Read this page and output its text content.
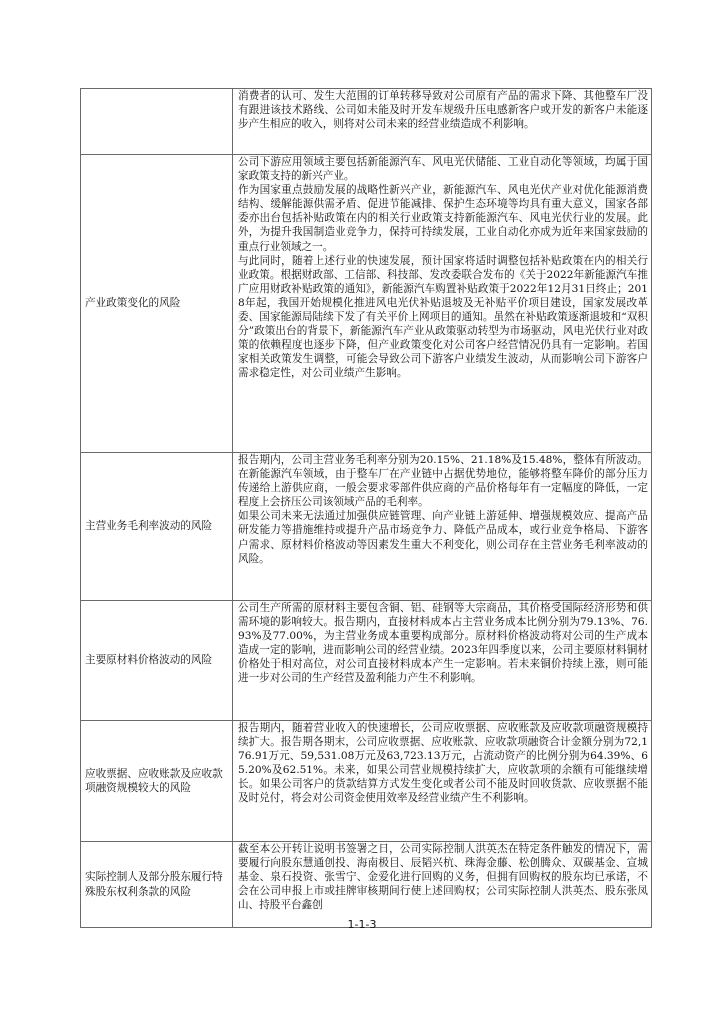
	消费者的认可、发生大范围的订单转移导致对公司原有产品的需求下降、其他整车厂没有跟进该技术路线、公司如未能及时开发车规级升压电感新客户或开发的新客户未能逐步产生相应的收入，则将对公司未来的经营业绩造成不利影响。

产业政策变化的风险	公司下游应用领域主要包括新能源汽车、风电光伏储能、工业自动化等领域，均属于国家政策支持的新兴产业。

作为国家重点鼓励发展的战略性新兴产业，新能源汽车、风电光伏产业对优化能源消费结构、缓解能源供需矛盾、促进节能减排、保护生态环境等均具有重大意义，国家各部委亦出台包括补贴政策在内的相关行业政策支持新能源汽车、风电光伏行业的发展。此外，为提升我国制造业竞争力，保持可持续发展，工业自动化亦成为近年来国家鼓励的重点行业领域之一。

与此同时，随着上述行业的快速发展，预计国家将适时调整包括补贴政策在内的相关行业政策。根据财政部、工信部、科技部、发改委联合发布的《关于2022年新能源汽车推广应用财政补贴政策的通知》，新能源汽车购置补贴政策于2022年12月31日终止；2018年起，我国开始规模化推进风电光伏补贴退坡及无补贴平价项目建设，国家发展改革委、国家能源局陆续下发了有关平价上网项目的通知。虽然在补贴政策逐渐退坡和“双积分”政策出台的背景下，新能源汽车产业从政策驱动转型为市场驱动，风电光伏行业对政策的依赖程度也逐步下降，但产业政策变化对公司客户经营情况仍具有一定影响。若国家相关政策发生调整，可能会导致公司下游客户业绩发生波动，从而影响公司下游客户需求稳定性，对公司业绩产生影响。

主营业务毛利率波动的风险	报告期内，公司主营业务毛利率分别为20.15%、21.18%及15.48%，整体有所波动。在新能源汽车领域，由于整车厂在产业链中占据优势地位，能够将整车降价的部分压力传递给上游供应商，一般会要求零部件供应商的产品价格每年有一定幅度的降低，一定程度上会挤压公司该领域产品的毛利率。

如果公司未来无法通过加强供应链管理、向产业链上游延伸、增强规模效应、提高产品研发能力等措施维持或提升产品市场竞争力、降低产品成本，或行业竞争格局、下游客户需求、原材料价格波动等因素发生重大不利变化，则公司存在主营业务毛利率波动的风险。

主要原材料价格波动的风险	公司生产所需的原材料主要包含铜、铝、硅钢等大宗商品，其价格受国际经济形势和供需环境的影响较大。报告期内，直接材料成本占主营业务成本比例分别为79.13%、76.93%及77.00%，为主营业务成本重要构成部分。原材料价格波动将对公司的生产成本造成一定的影响，进而影响公司的经营业绩。2023年四季度以来，公司主要原材料铜材价格处于相对高位，对公司直接材料成本产生一定影响。若未来铜价持续上涨，则可能进一步对公司的生产经营及盈利能力产生不利影响。

应收票据、应收账款及应收款项融资规模较大的风险	报告期内，随着营业收入的快速增长，公司应收票据、应收账款及应收款项融资规模持续扩大。报告期各期末，公司应收票据、应收账款、应收款项融资合计金额分别为72,176.91万元、59,531.08万元及63,723.13万元，占流动资产的比例分别为64.39%、65.20%及62.51%。未来，如果公司营业规模持续扩大，应收款项的余额有可能继续增长。如果公司客户的货款结算方式发生变化或者公司不能及时回收货款、应收票据不能及时兑付，将会对公司资金使用效率及经营业绩产生不利影响。

实际控制人及部分股东履行特殊股东权利条款的风险	截至本公开转让说明书签署之日，公司实际控制人洪英杰在特定条件触发的情况下，需要履行向股东慧通创投、海南极目、辰韬兴杭、珠海金藤、松创腾众、双碳基金、宣城基金、泉石投资、张雪宁、金爱化进行回购的义务，但拥有回购权的股东均已承诺，不会在公司申报上市或挂牌审核期间行使上述回购权；公司实际控制人洪英杰、股东张凤山、持股平台鑫创

1-1-3
